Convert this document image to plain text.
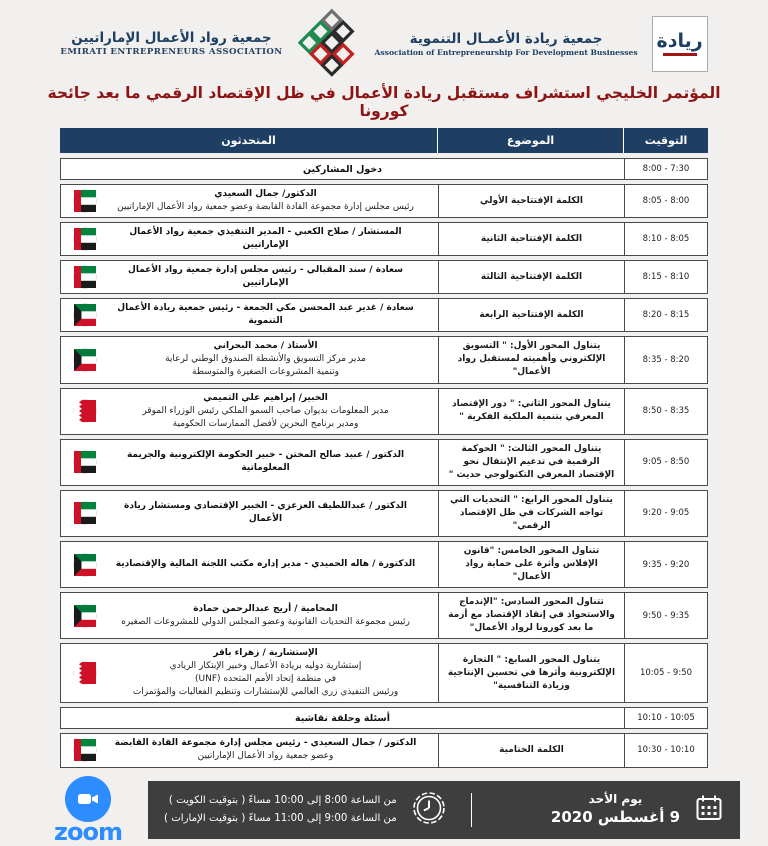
ريادة
جمعية ريادة الأعمـال التنموية
Association of Entrepreneurship For Development Businesses
جمعية رواد الأعمال الإماراتيين
EMIRATI ENTREPRENEURS ASSOCIATION
المؤتمر الخليجي استشراف مستقبل ريادة الأعمال في ظل الإقتصاد الرقمي ما بعد جائحة كورونا
التوقيت
الموضوع
المتحدثون
8:00 - 7:30
دخول المشاركين
8:05 - 8:00
الكلمة الإفتتاحية الأولي
الدكتور/ جمال السعيدي
رئيس مجلس إدارة مجموعة القادة القابضة وعضو جمعية رواد الأعمال الإماراتيين
8:10 - 8:05
الكلمة الإفتتاحية الثانية
المستشار / صلاح الكعبي - المدير التنفيذي جمعية رواد الأعمال الإماراتيين
8:15 - 8:10
الكلمة الإفتتاحية الثالثة
سعادة / سند المقبالي - رئيس مجلس إدارة جمعية رواد الأعمال الإماراتيين
8:20 - 8:15
الكلمة الإفتتاحية الرابعة
سعادة / غدير عبد المحسن مكي الجمعة - رئيس جمعية ريادة الأعمال التنموية
8:35 - 8:20
يتناول المحور الأول: " التسويق الإلكتروني وأهميته لمستقبل رواد الأعمال"
الأستاذ / محمد البحراني
مدير مركز التسويق والأنشطة الصندوق الوطني لرعاية
وتنمية المشروعات الصغيرة والمتوسطة
8:50 - 8:35
يتناول المحور الثاني: " دور الإقتصاد المعرفي بتنمية الملكية الفكرية "
الخبير/ إبراهيم علي التميمي
مدير المعلومات بديوان صاحب السمو الملكي رئيس الوزراء الموقر
ومدير برنامج البحرين لأفضل الممارسات الحكومية
9:05 - 8:50
يتناول المحور الثالث: " الحوكمة الرقمية في تدعيم الإنتقال نحو الإقتصاد المعرفي التكنولوجي حديث "
الدكتور / عبيد صالح المختن - خبير الحكومة الإلكترونية والجريمة المعلوماتية
9:20 - 9:05
يتناول المحور الرابع: " التحديات التي تواجه الشركات في ظل الإقتصاد الرقمي"
الدكتور / عبداللطيف العزعزي - الخبير الإقتصادي ومستشار ريادة الأعمال
9:35 - 9:20
تتناول المحور الخامس: "قانون الإفلاس وأثرة على حماية رواد الأعمال"
الدكتورة / هاله الحميدي - مدير إداره مكتب اللجنة المالية والإقتصادية
9:50 - 9:35
تتناول المحور السادس: "الإندماج والاستحواذ في إنقاذ الإقتصاد مع أزمة ما بعد كورونا لرواد الأعمال"
المحامية / أريج عبدالرحمن حمادة
رئيس مجموعة التحديات القانونية وعضو المجلس الدولي للمشروعات الصغيره
10:05 - 9:50
يتناول المحور السابع: " التجارة الإلكترونية وأثرها في تحسين الإنتاجية وزيادة التنافسية"
الإستشارية / زهراء باقر
إستشارية دوليه بريادة الأعمال وخبير الإبتكار الريادي
في منظمة إتحاد الأمم المتحده (UNF)
ورئيس التنفيذي زري العالمي للإستشارات وتنظيم الفعاليات والمؤتمرات
10:10 - 10:05
أسئلة وحلقة نقاشية
10:30 - 10:10
الكلمة الختامية
الدكتور / جمال السعيدي - رئيس مجلس إدارة مجموعة القادة القابضة
وعضو جمعية رواد الأعمال الإماراتيين
zoom
يوم الأحد
9 أغسطس 2020
من الساعة 8:00 إلى 10:00 مساءً ( بتوقيت الكويت )
من الساعة 9:00 إلى 11:00 مساءً ( بتوقيت الإمارات )
